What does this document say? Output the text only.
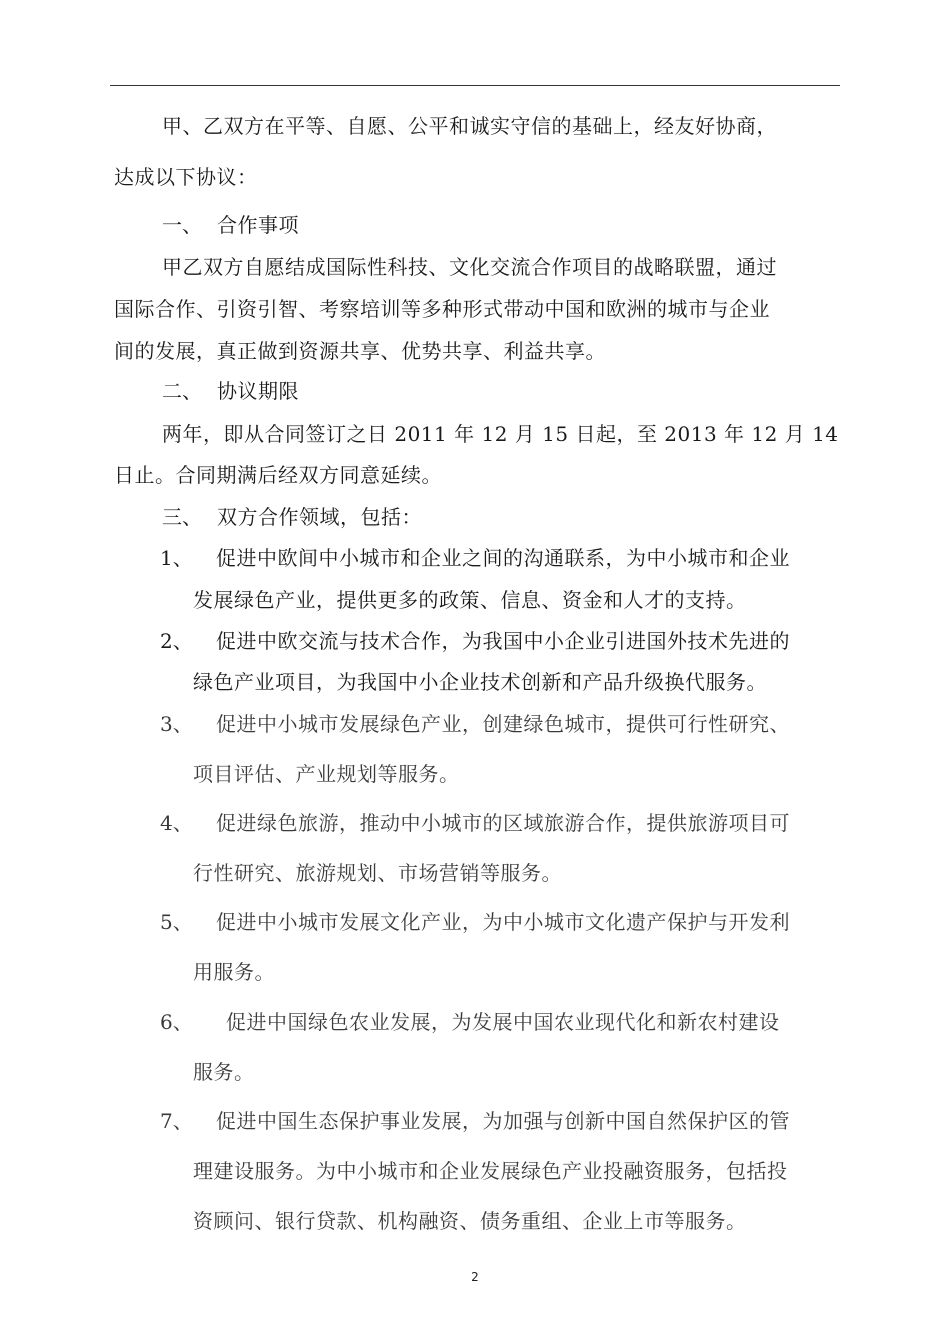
甲、乙双方在平等、自愿、公平和诚实守信的基础上，经友好协商，
达成以下协议：
一、 合作事项
甲乙双方自愿结成国际性科技、文化交流合作项目的战略联盟，通过
国际合作、引资引智、考察培训等多种形式带动中国和欧洲的城市与企业
间的发展，真正做到资源共享、优势共享、利益共享。
二、 协议期限
两年，即从合同签订之日 2011 年 12 月 15 日起，至 2013 年 12 月 14
日止。合同期满后经双方同意延续。
三、 双方合作领域，包括：
1、 促进中欧间中小城市和企业之间的沟通联系，为中小城市和企业
发展绿色产业，提供更多的政策、信息、资金和人才的支持。
2、 促进中欧交流与技术合作，为我国中小企业引进国外技术先进的
绿色产业项目，为我国中小企业技术创新和产品升级换代服务。
3、 促进中小城市发展绿色产业，创建绿色城市，提供可行性研究、
项目评估、产业规划等服务。
4、 促进绿色旅游，推动中小城市的区域旅游合作，提供旅游项目可
行性研究、旅游规划、市场营销等服务。
5、 促进中小城市发展文化产业，为中小城市文化遗产保护与开发利
用服务。
6、 促进中国绿色农业发展，为发展中国农业现代化和新农村建设
服务。
7、 促进中国生态保护事业发展，为加强与创新中国自然保护区的管
理建设服务。为中小城市和企业发展绿色产业投融资服务，包括投
资顾问、银行贷款、机构融资、债务重组、企业上市等服务。
2
